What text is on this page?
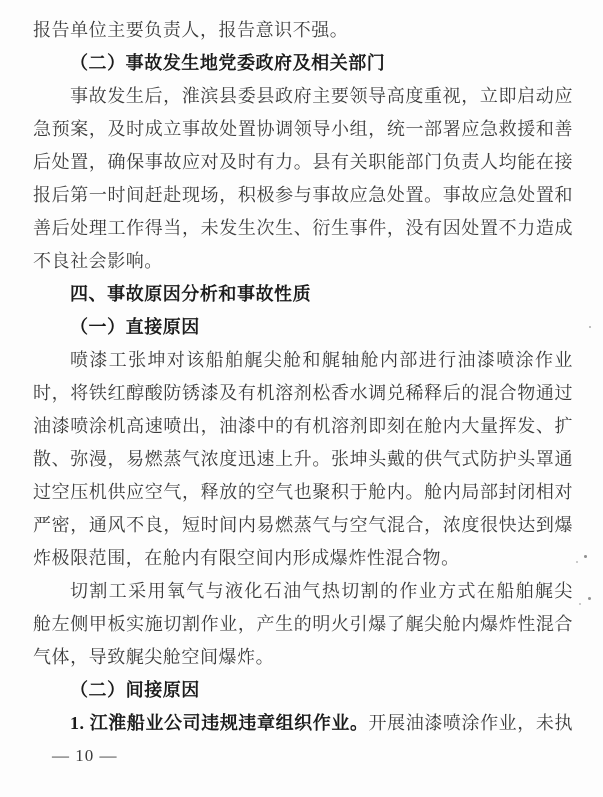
报告单位主要负责人，报告意识不强。
（二）事故发生地党委政府及相关部门
事故发生后，淮滨县委县政府主要领导高度重视，立即启动应
急预案，及时成立事故处置协调领导小组，统一部署应急救援和善
后处置，确保事故应对及时有力。县有关职能部门负责人均能在接
报后第一时间赶赴现场，积极参与事故应急处置。事故应急处置和
善后处理工作得当，未发生次生、衍生事件，没有因处置不力造成
不良社会影响。
四、事故原因分析和事故性质
（一）直接原因
喷漆工张坤对该船舶艉尖舱和艉轴舱内部进行油漆喷涂作业
时，将铁红醇酸防锈漆及有机溶剂松香水调兑稀释后的混合物通过
油漆喷涂机高速喷出，油漆中的有机溶剂即刻在舱内大量挥发、扩
散、弥漫，易燃蒸气浓度迅速上升。张坤头戴的供气式防护头罩通
过空压机供应空气，释放的空气也聚积于舱内。舱内局部封闭相对
严密，通风不良，短时间内易燃蒸气与空气混合，浓度很快达到爆
炸极限范围，在舱内有限空间内形成爆炸性混合物。
切割工采用氧气与液化石油气热切割的作业方式在船舶艉尖
舱左侧甲板实施切割作业，产生的明火引爆了艉尖舱内爆炸性混合
气体，导致艉尖舱空间爆炸。
（二）间接原因
1. 江淮船业公司违规违章组织作业。开展油漆喷涂作业，未执
— 10 —
